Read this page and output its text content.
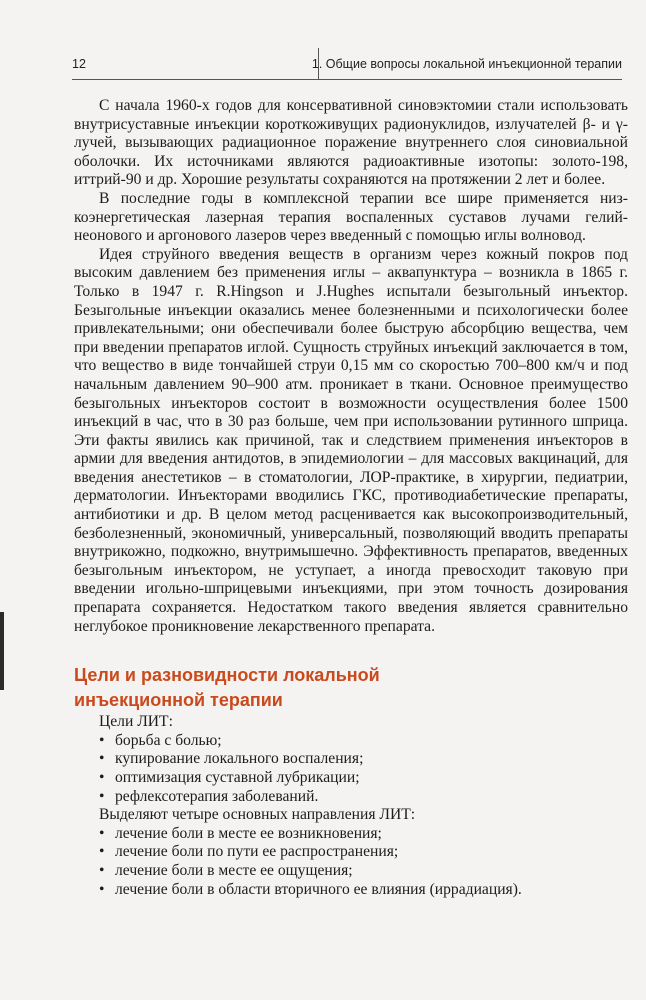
12	1. Общие вопросы локальной инъекционной терапии

С начала 1960-х годов для консервативной синовэктомии стали использовать внутрисуставные инъекции короткоживущих радионуклидов, излучателей β- и γ-лучей, вызывающих радиационное поражение внутреннего слоя синовиальной оболочки. Их источниками являются радиоактивные изотопы: золото-198, иттрий-90 и др. Хорошие результаты сохраняются на протяжении 2 лет и более.

В последние годы в комплексной терапии все шире применяется низкоэнергетическая лазерная терапия воспаленных суставов лучами гелий-неонового и аргонового лазеров через введенный с помощью иглы волновод.

Идея струйного введения веществ в организм через кожный покров под высоким давлением без применения иглы – аквапунктура – возникла в 1865 г. Только в 1947 г. R.Hingson и J.Hughes испытали безыгольный инъектор. Безыгольные инъекции оказались менее болезненными и психологически более привлекательными; они обеспечивали более быструю абсорбцию вещества, чем при введении препаратов иглой. Сущность струйных инъекций заключается в том, что вещество в виде тончайшей струи 0,15 мм со скоростью 700–800 км/ч и под начальным давлением 90–900 атм. проникает в ткани. Основное преимущество безыгольных инъекторов состоит в возможности осуществления более 1500 инъекций в час, что в 30 раз больше, чем при использовании рутинного шприца. Эти факты явились как причиной, так и следствием применения инъекторов в армии для введения антидотов, в эпидемиологии – для массовых вакцинаций, для введения анестетиков – в стоматологии, ЛОР-практике, в хирургии, педиатрии, дерматологии. Инъекторами вводились ГКС, противодиабетические препараты, антибиотики и др. В целом метод расценивается как высокопроизводительный, безболезненный, экономичный, универсальный, позволяющий вводить препараты внутрикожно, подкожно, внутримышечно. Эффективность препаратов, введенных безыгольным инъектором, не уступает, а иногда превосходит таковую при введении игольно-шприцевыми инъекциями, при этом точность дозирования препарата сохраняется. Недостатком такого введения является сравнительно неглубокое проникновение лекарственного препарата.

Цели и разновидности локальной
инъекционной терапии

Цели ЛИТ:

• борьба с болью;
• купирование локального воспаления;
• оптимизация суставной лубрикации;
• рефлексотерапия заболеваний.

Выделяют четыре основных направления ЛИТ:

• лечение боли в месте ее возникновения;
• лечение боли по пути ее распространения;
• лечение боли в месте ее ощущения;
• лечение боли в области вторичного ее влияния (иррадиация).
